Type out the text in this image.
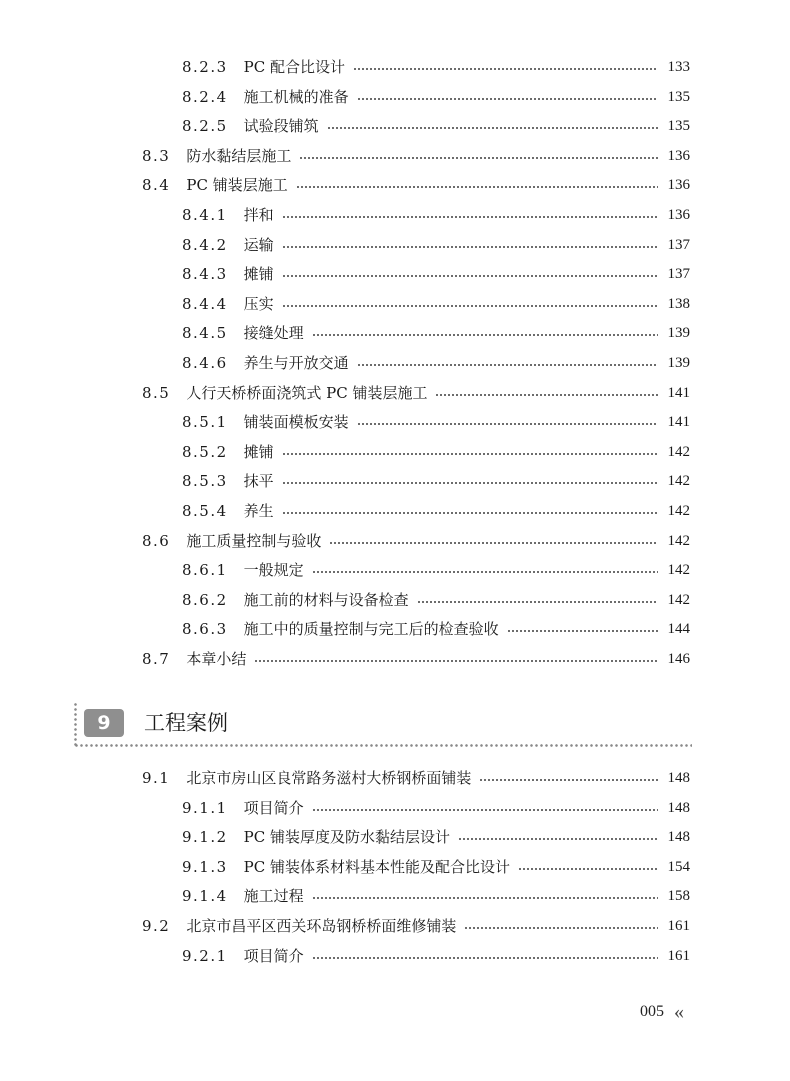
8.2.3 PC 配合比设计	133
8.2.4 施工机械的准备	135
8.2.5 试验段铺筑	135
8.3 防水黏结层施工	136
8.4 PC 铺装层施工	136
8.4.1 拌和	136
8.4.2 运输	137
8.4.3 摊铺	137
8.4.4 压实	138
8.4.5 接缝处理	139
8.4.6 养生与开放交通	139
8.5 人行天桥桥面浇筑式 PC 铺装层施工	141
8.5.1 铺装面模板安装	141
8.5.2 摊铺	142
8.5.3 抹平	142
8.5.4 养生	142
8.6 施工质量控制与验收	142
8.6.1 一般规定	142
8.6.2 施工前的材料与设备检查	142
8.6.3 施工中的质量控制与完工后的检查验收	144
8.7 本章小结	146
9.1 北京市房山区良常路务滋村大桥钢桥面铺装	148
9.1.1 项目简介	148
9.1.2 PC 铺装厚度及防水黏结层设计	148
9.1.3 PC 铺装体系材料基本性能及配合比设计	154
9.1.4 施工过程	158
9.2 北京市昌平区西关环岛钢桥桥面维修铺装	161
9.2.1 项目简介	161
9	工程案例
005 «
